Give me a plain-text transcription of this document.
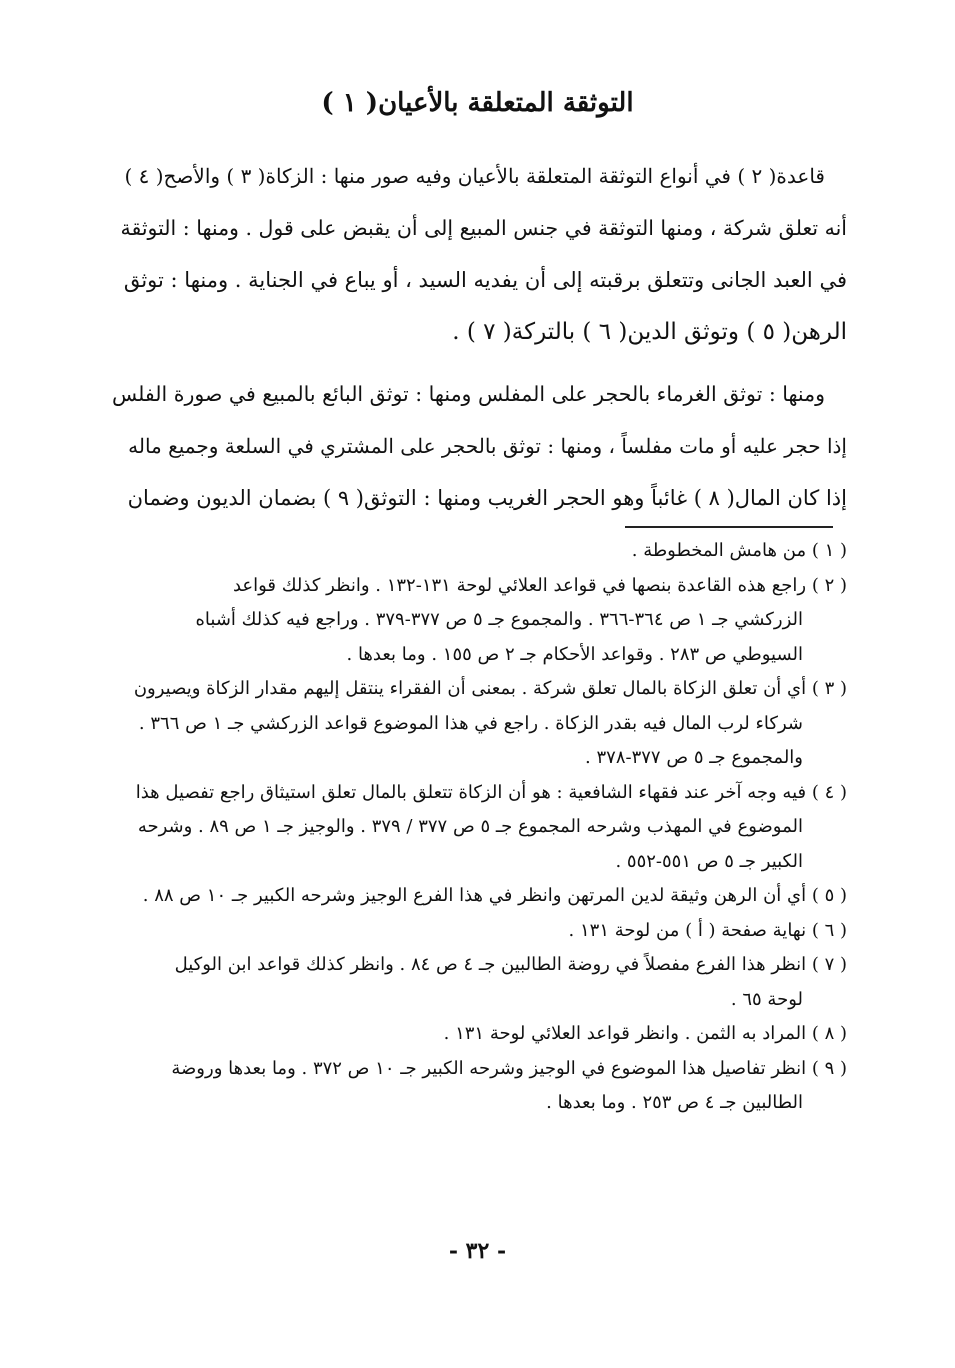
التوثقة المتعلقة بالأعيان( ١ )
قاعدة( ٢ ) في أنواع التوثقة المتعلقة بالأعيان وفيه صور منها : الزكاة( ٣ ) والأصح( ٤ )
أنه تعلق شركة ، ومنها التوثقة في جنس المبيع إلى أن يقبض على قول . ومنها : التوثقة
في العبد الجانى وتتعلق برقبته إلى أن يفديه السيد ، أو يباع في الجناية . ومنها : توثق
الرهن( ٥ ) وتوثق الدين( ٦ ) بالتركة( ٧ ) .
ومنها : توثق الغرماء بالحجر على المفلس ومنها : توثق البائع بالمبيع في صورة الفلس
إذا حجر عليه أو مات مفلساً ، ومنها : توثق بالحجر على المشتري في السلعة وجميع ماله
إذا كان المال( ٨ ) غائباً وهو الحجر الغريب ومنها : التوثق( ٩ ) بضمان الديون وضمان
( ١ ) من هامش المخطوطة .
( ٢ ) راجع هذه القاعدة بنصها في قواعد العلائي لوحة ١٣١-١٣٢ . وانظر كذلك قواعد
الزركشي جـ ١ ص ٣٦٤-٣٦٦ . والمجموع جـ ٥ ص ٣٧٧-٣٧٩ . وراجع فيه كذلك أشباه
السيوطي ص ٢٨٣ . وقواعد الأحكام جـ ٢ ص ١٥٥ . وما بعدها .
( ٣ ) أي أن تعلق الزكاة بالمال تعلق شركة . بمعنى أن الفقراء ينتقل إليهم مقدار الزكاة ويصيرون
شركاء لرب المال فيه بقدر الزكاة . راجع في هذا الموضوع قواعد الزركشي جـ ١ ص ٣٦٦ .
والمجموع جـ ٥ ص ٣٧٧-٣٧٨ .
( ٤ ) فيه وجه آخر عند فقهاء الشافعية : هو أن الزكاة تتعلق بالمال تعلق استيثاق راجع تفصيل هذا
الموضوع في المهذب وشرحه المجموع جـ ٥ ص ٣٧٧ / ٣٧٩ . والوجيز جـ ١ ص ٨٩ . وشرحه
الكبير جـ ٥ ص ٥٥١-٥٥٢ .
( ٥ ) أي أن الرهن وثيقة لدين المرتهن وانظر في هذا الفرع الوجيز وشرحه الكبير جـ ١٠ ص ٨٨ .
( ٦ ) نهاية صفحة ( أ ) من لوحة ١٣١ .
( ٧ ) انظر هذا الفرع مفصلاً في روضة الطالبين جـ ٤ ص ٨٤ . وانظر كذلك قواعد ابن الوكيل
لوحة ٦٥ .
( ٨ ) المراد به الثمن . وانظر قواعد العلائي لوحة ١٣١ .
( ٩ ) انظر تفاصيل هذا الموضوع في الوجيز وشرحه الكبير جـ ١٠ ص ٣٧٢ . وما بعدها وروضة
الطالبين جـ ٤ ص ٢٥٣ . وما بعدها .
- ٣٢ -
